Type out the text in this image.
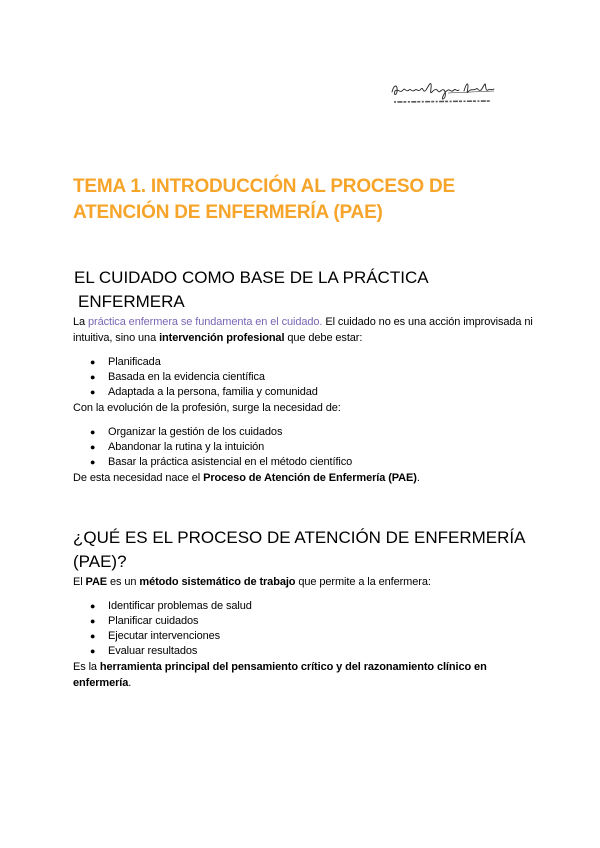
TEMA 1. INTRODUCCIÓN AL PROCESO DE ATENCIÓN DE ENFERMERÍA (PAE)
EL CUIDADO COMO BASE DE LA PRÁCTICA ENFERMERA

La práctica enfermera se fundamenta en el cuidado. El cuidado no es una acción improvisada ni intuitiva, sino una intervención profesional que debe estar:

● Planificada
● Basada en la evidencia científica
● Adaptada a la persona, familia y comunidad

Con la evolución de la profesión, surge la necesidad de:

● Organizar la gestión de los cuidados
● Abandonar la rutina y la intuición
● Basar la práctica asistencial en el método científico

De esta necesidad nace el Proceso de Atención de Enfermería (PAE).

¿QUÉ ES EL PROCESO DE ATENCIÓN DE ENFERMERÍA (PAE)?

El PAE es un método sistemático de trabajo que permite a la enfermera:

● Identificar problemas de salud
● Planificar cuidados
● Ejecutar intervenciones
● Evaluar resultados

Es la herramienta principal del pensamiento crítico y del razonamiento clínico en enfermería.
